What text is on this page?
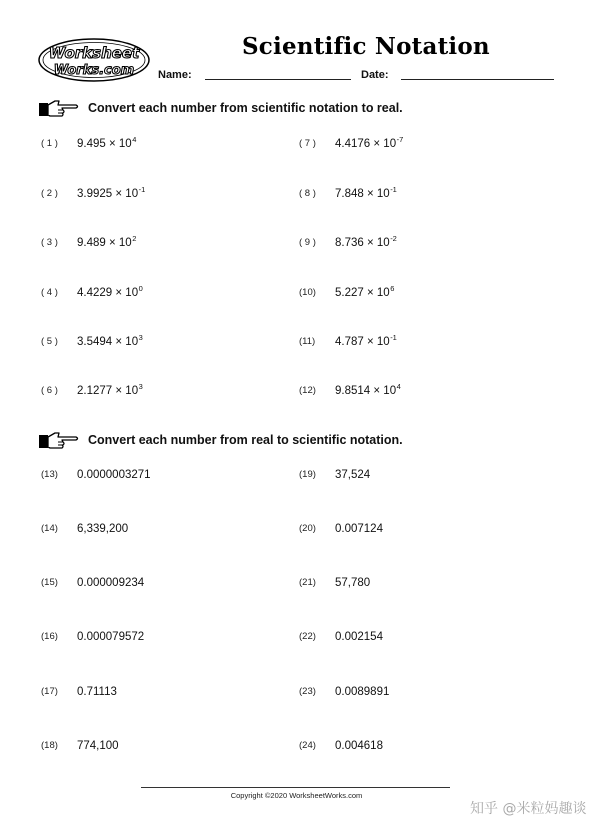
Worksheet
Works.com
Scientific Notation
Name:	Date:
Convert each number from scientific notation to real.
( 1 ) $9.495 \times 10^4$	( 7 ) $4.4176 \times 10^{-7}$
( 2 ) $3.9925 \times 10^{-1}$	( 8 ) $7.848 \times 10^{-1}$
( 3 ) $9.489 \times 10^2$	( 9 ) $8.736 \times 10^{-2}$
( 4 ) $4.4229 \times 10^0$	(10) $5.227 \times 10^6$
( 5 ) $3.5494 \times 10^3$	(11) $4.787 \times 10^{-1}$
( 6 ) $2.1277 \times 10^3$	(12) $9.8514 \times 10^4$
Convert each number from real to scientific notation.
(13) 0.0000003271	(19) 37,524
(14) 6,339,200	(20) 0.007124
(15) 0.000009234	(21) 57,780
(16) 0.000079572	(22) 0.002154
(17) 0.71113	(23) 0.0089891
(18) 774,100	(24) 0.004618
Copyright ©2020 WorksheetWorks.com
知乎 @米粒妈趣谈
